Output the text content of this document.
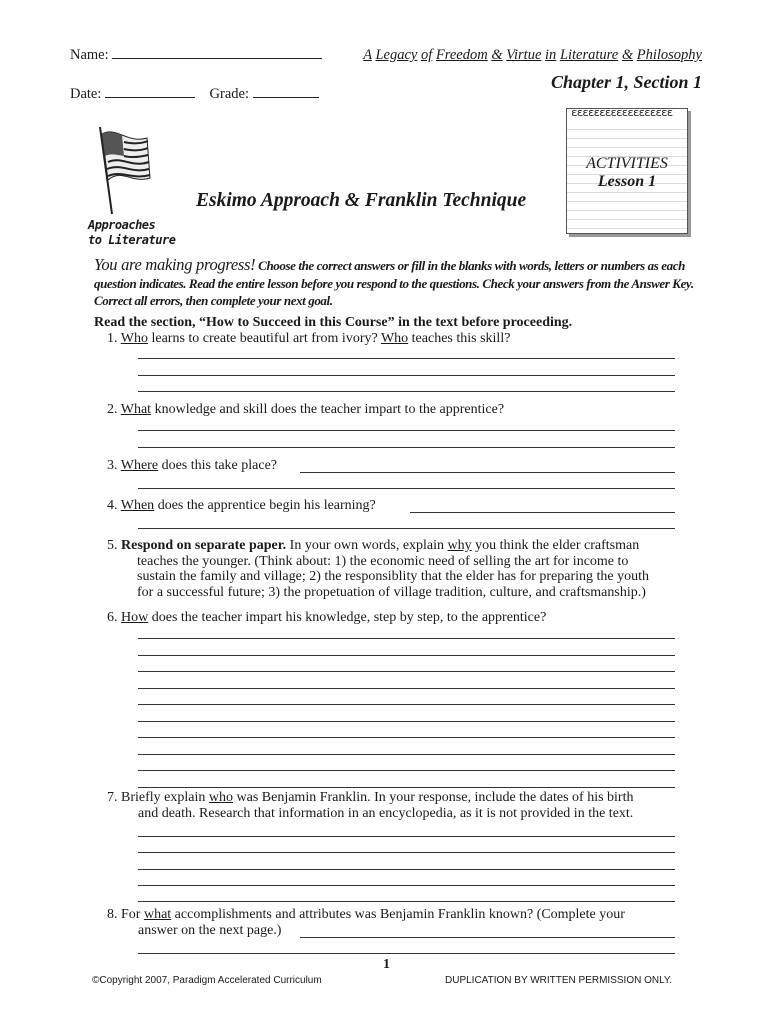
Name:
Date:	Grade:
A Legacy of Freedom & Virtue in Literature & Philosophy
Chapter 1, Section 1
ɛɛɛɛɛɛɛɛɛɛɛɛɛɛɛɛɛɛ
ACTIVITIES
Lesson 1
Approaches
to Literature
Eskimo Approach & Franklin Technique
You are making progress! Choose the correct answers or fill in the blanks with words, letters or numbers as each question indicates. Read the entire lesson before you respond to the questions. Check your answers from the Answer Key. Correct all errors, then complete your next goal.
Read the section, “How to Succeed in this Course” in the text before proceeding.
1. Who learns to create beautiful art from ivory? Who teaches this skill?
2. What knowledge and skill does the teacher impart to the apprentice?
3. Where does this take place?
4. When does the apprentice begin his learning?
5. Respond on separate paper. In your own words, explain why you think the elder craftsman
teaches the younger. (Think about: 1) the economic need of selling the art for income to
sustain the family and village; 2) the responsiblity that the elder has for preparing the youth
for a successful future; 3) the propetuation of village tradition, culture, and craftsmanship.)
6. How does the teacher impart his knowledge, step by step, to the apprentice?
7. Briefly explain who was Benjamin Franklin. In your response, include the dates of his birth
and death. Research that information in an encyclopedia, as it is not provided in the text.
8. For what accomplishments and attributes was Benjamin Franklin known? (Complete your
answer on the next page.)
©Copyright 2007, Paradigm Accelerated Curriculum
1
DUPLICATION BY WRITTEN PERMISSION ONLY.
